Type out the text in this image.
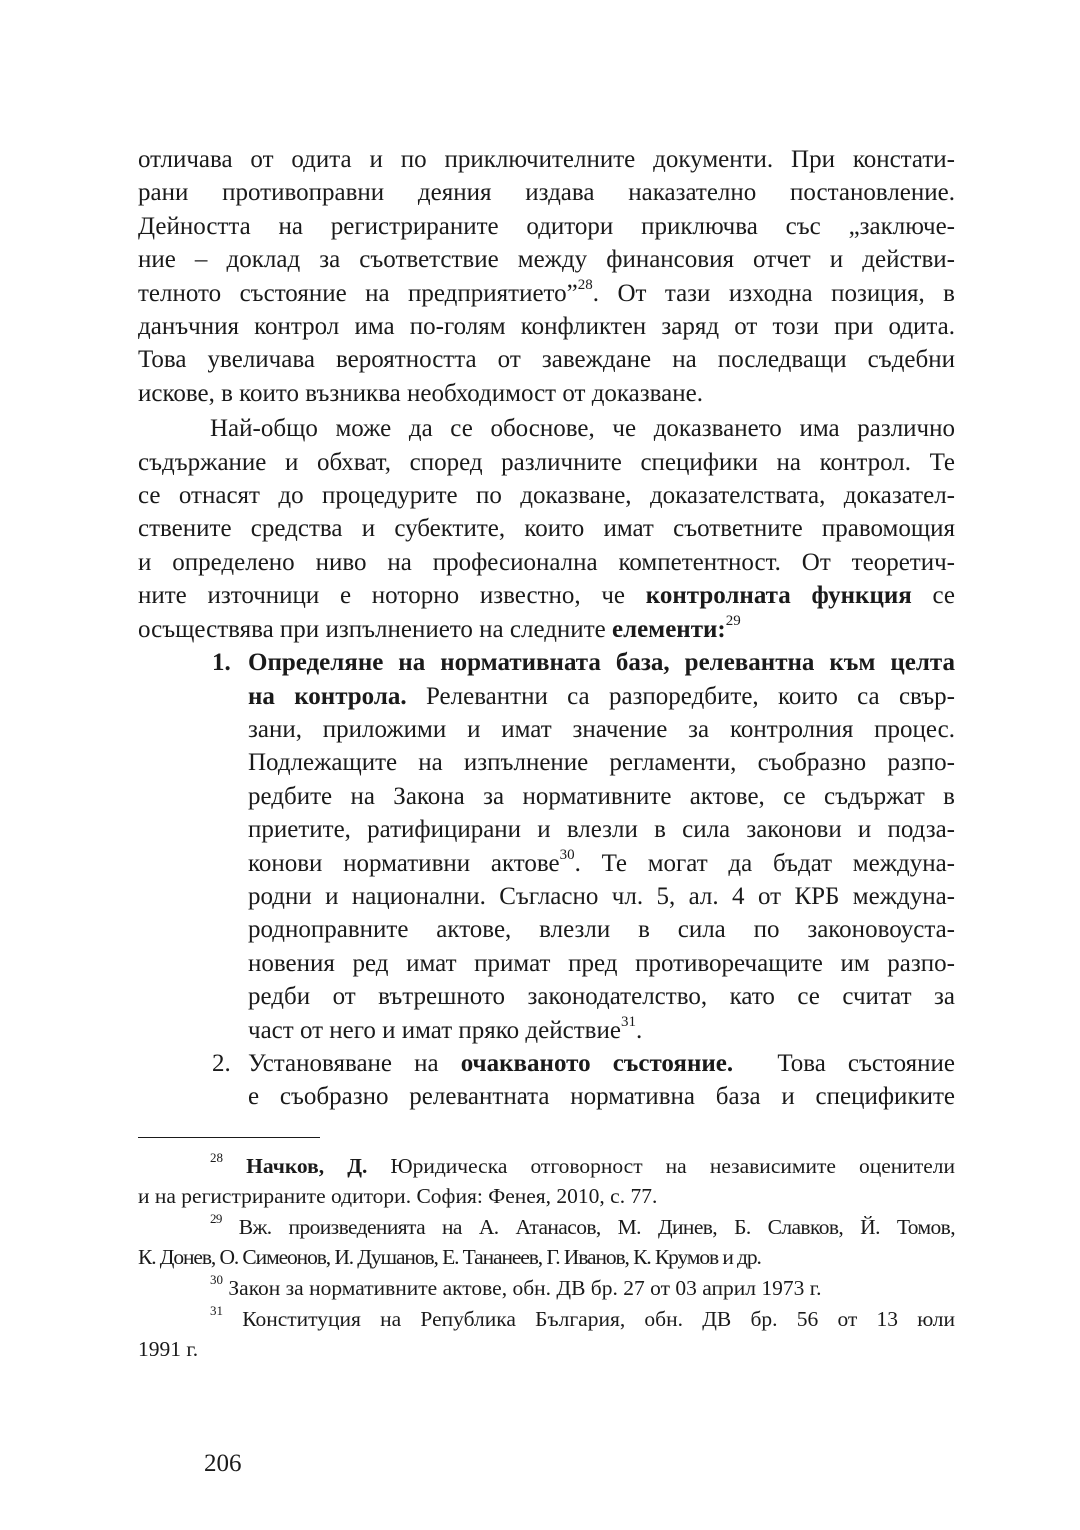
отличава от одита и по приключителните документи. При констати-
рани противоправни деяния издава наказателно постановление.
Дейността на регистрираните одитори приключва със „заключе-
ние – доклад за съответствие между финансовия отчет и действи-
телното състояние на предприятието”$^{28}$. От тази изходна позиция, в
данъчния контрол има по-голям конфликтен заряд от този при одита.
Това увеличава вероятността от завеждане на последващи съдебни
искове, в които възниква необходимост от доказване.
Най-общо може да се обоснове, че доказването има различно
съдържание и обхват, според различните специфики на контрол. Те
се отнасят до процедурите по доказване, доказателствата, доказател-
ствените средства и субектите, които имат съответните правомощия
и определено ниво на професионална компетентност. От теоретич-
ните източници е нотoрно известно, че контролната функция се
осъществява при изпълнението на следните елементи:$^{29}$
1. Определяне на нормативната база, релевантна към целта
на контрола. Релевантни са разпоредбите, които са свър-
зани, приложими и имат значение за контролния процес.
Подлежащите на изпълнение регламенти, съобразно разпо-
редбите на Закона за нормативните актове, се съдържат в
приетите, ратифицирани и влезли в сила законови и подза-
конови нормативни актове$^{30}$. Те могат да бъдат междуна-
родни и национални. Съгласно чл. 5, ал. 4 от КРБ междуна-
родноправните актове, влезли в сила по законовоуста-
новения ред имат примат пред противоречащите им разпо-
редби от вътрешното законодателство, като се считат за
част от него и имат пряко действие$^{31}$.
2. Установяване на очакваното състояние.  Това състояние
е съобразно релевантната нормативна база и спецификите
$^{28}$ Начков, Д. Юридическа отговорност на независимите оценители
и на регистрираните одитори. София: Фенея, 2010, с. 77.
$^{29}$ Вж. произведенията на А. Атанасов, М. Динев, Б. Славков, Й. Томов,
К. Донев, О. Симеонов, И. Душанов, Е. Тананеев, Г. Иванов, К. Крумов и др.
$^{30}$ Закон за нормативните актове, обн. ДВ бр. 27 от 03 април 1973 г.
$^{31}$ Конституция на Република България, обн. ДВ бр. 56 от 13 юли
1991 г.
206
